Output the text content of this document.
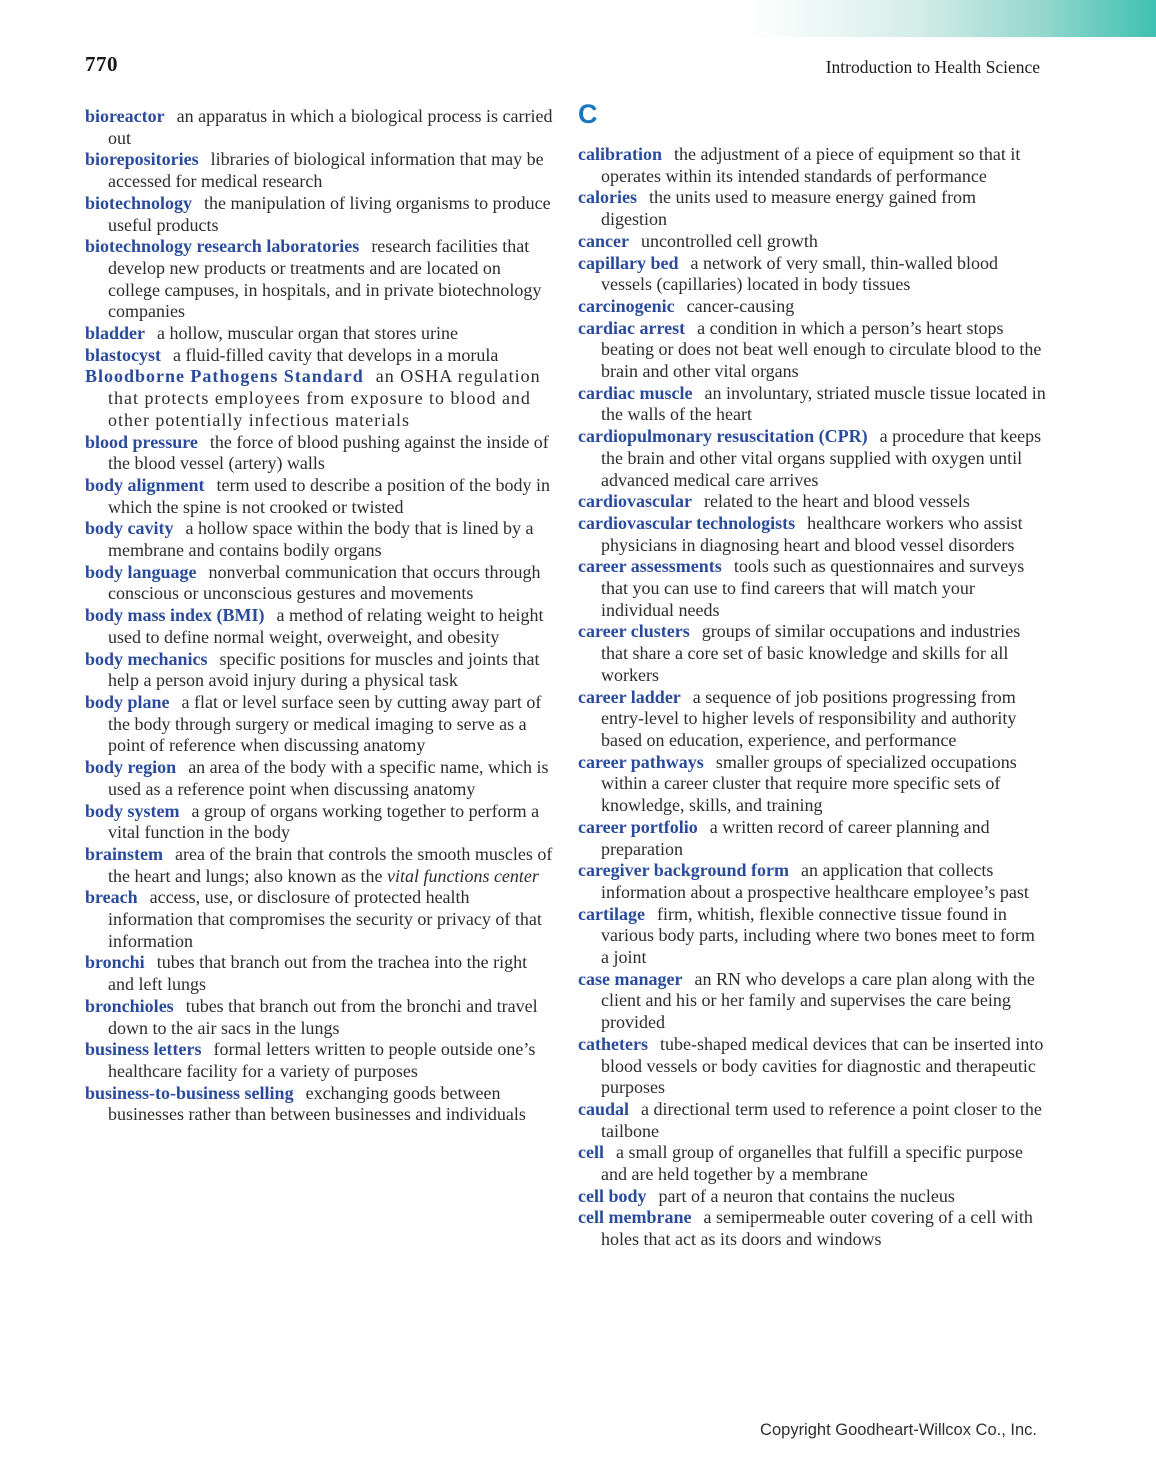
770	Introduction to Health Science

bioreactor an apparatus in which a biological process is carried out

biorepositories libraries of biological information that may be accessed for medical research

biotechnology the manipulation of living organisms to produce useful products

biotechnology research laboratories research facilities that develop new products or treatments and are located on college campuses, in hospitals, and in private biotechnology companies

bladder a hollow, muscular organ that stores urine

blastocyst a fluid-filled cavity that develops in a morula

Bloodborne Pathogens Standard an OSHA regulation that protects employees from exposure to blood and other potentially infectious materials

blood pressure the force of blood pushing against the inside of the blood vessel (artery) walls

body alignment term used to describe a position of the body in which the spine is not crooked or twisted

body cavity a hollow space within the body that is lined by a membrane and contains bodily organs

body language nonverbal communication that occurs through conscious or unconscious gestures and movements

body mass index (BMI) a method of relating weight to height used to define normal weight, overweight, and obesity

body mechanics specific positions for muscles and joints that help a person avoid injury during a physical task

body plane a flat or level surface seen by cutting away part of the body through surgery or medical imaging to serve as a point of reference when discussing anatomy

body region an area of the body with a specific name, which is used as a reference point when discussing anatomy

body system a group of organs working together to perform a vital function in the body

brainstem area of the brain that controls the smooth muscles of the heart and lungs; also known as the vital functions center

breach access, use, or disclosure of protected health information that compromises the security or privacy of that information

bronchi tubes that branch out from the trachea into the right and left lungs

bronchioles tubes that branch out from the bronchi and travel down to the air sacs in the lungs

business letters formal letters written to people outside one’s healthcare facility for a variety of purposes

business-to-business selling exchanging goods between businesses rather than between businesses and individuals

C

calibration the adjustment of a piece of equipment so that it operates within its intended standards of performance

calories the units used to measure energy gained from digestion

cancer uncontrolled cell growth

capillary bed a network of very small, thin-walled blood vessels (capillaries) located in body tissues

carcinogenic cancer-causing

cardiac arrest a condition in which a person’s heart stops beating or does not beat well enough to circulate blood to the brain and other vital organs

cardiac muscle an involuntary, striated muscle tissue located in the walls of the heart

cardiopulmonary resuscitation (CPR) a procedure that keeps the brain and other vital organs supplied with oxygen until advanced medical care arrives

cardiovascular related to the heart and blood vessels

cardiovascular technologists healthcare workers who assist physicians in diagnosing heart and blood vessel disorders

career assessments tools such as questionnaires and surveys that you can use to find careers that will match your individual needs

career clusters groups of similar occupations and industries that share a core set of basic knowledge and skills for all workers

career ladder a sequence of job positions progressing from entry-level to higher levels of responsibility and authority based on education, experience, and performance

career pathways smaller groups of specialized occupations within a career cluster that require more specific sets of knowledge, skills, and training

career portfolio a written record of career planning and preparation

caregiver background form an application that collects information about a prospective healthcare employee’s past

cartilage firm, whitish, flexible connective tissue found in various body parts, including where two bones meet to form a joint

case manager an RN who develops a care plan along with the client and his or her family and supervises the care being provided

catheters tube-shaped medical devices that can be inserted into blood vessels or body cavities for diagnostic and therapeutic purposes

caudal a directional term used to reference a point closer to the tailbone

cell a small group of organelles that fulfill a specific purpose and are held together by a membrane

cell body part of a neuron that contains the nucleus

cell membrane a semipermeable outer covering of a cell with holes that act as its doors and windows

Copyright Goodheart-Willcox Co., Inc.
